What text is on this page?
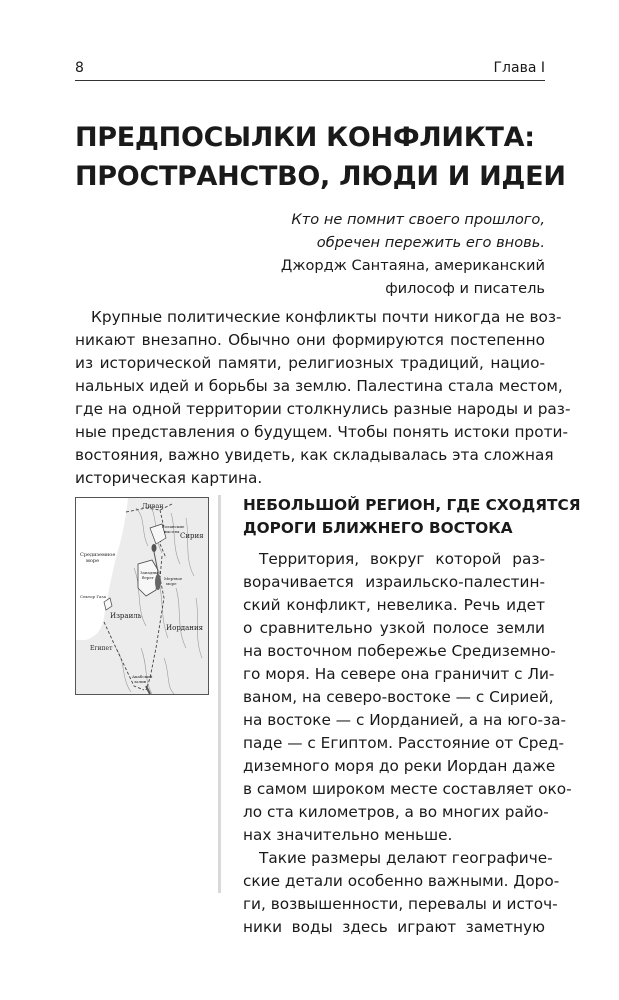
8	Глава I
ПРЕДПОСЫЛКИ КОНФЛИКТА:
ПРОСТРАНСТВО, ЛЮДИ И ИДЕИ
Кто не помнит своего прошлого,
обречен пережить его вновь.
Джордж Сантаяна, американский
философ и писатель
Крупные политические конфликты почти никогда не воз-
никают внезапно. Обычно они формируются постепенно
из исторической памяти, религиозных традиций, нацио-
нальных идей и борьбы за землю. Палестина стала местом,
где на одной территории столкнулись разные народы и раз-
ные представления о будущем. Чтобы понять истоки проти-
востояния, важно увидеть, как складывалась эта сложная
историческая картина.
Ливан
Сирия
Средиземное
море
Сектор Газа
Западный
берег
Голанские
высоты
Мертвое
море
Израиль
Иордания
Египет
Акабский
залив
НЕБОЛЬШОЙ РЕГИОН, ГДЕ СХОДЯТСЯ
ДОРОГИ БЛИЖНЕГО ВОСТОКА
Территория, вокруг которой раз-
ворачивается израильско-палестин-
ский конфликт, невелика. Речь идет
о сравнительно узкой полосе земли
на восточном побережье Средиземно-
го моря. На севере она граничит с Ли-
ваном, на северо-востоке — с Сирией,
на востоке — с Иорданией, а на юго-за-
паде — с Египтом. Расстояние от Сред-
диземного моря до реки Иордан даже
в самом широком месте составляет око-
ло ста километров, а во многих райо-
нах значительно меньше.
Такие размеры делают географиче-
ские детали особенно важными. Доро-
ги, возвышенности, перевалы и источ-
ники воды здесь играют заметную
